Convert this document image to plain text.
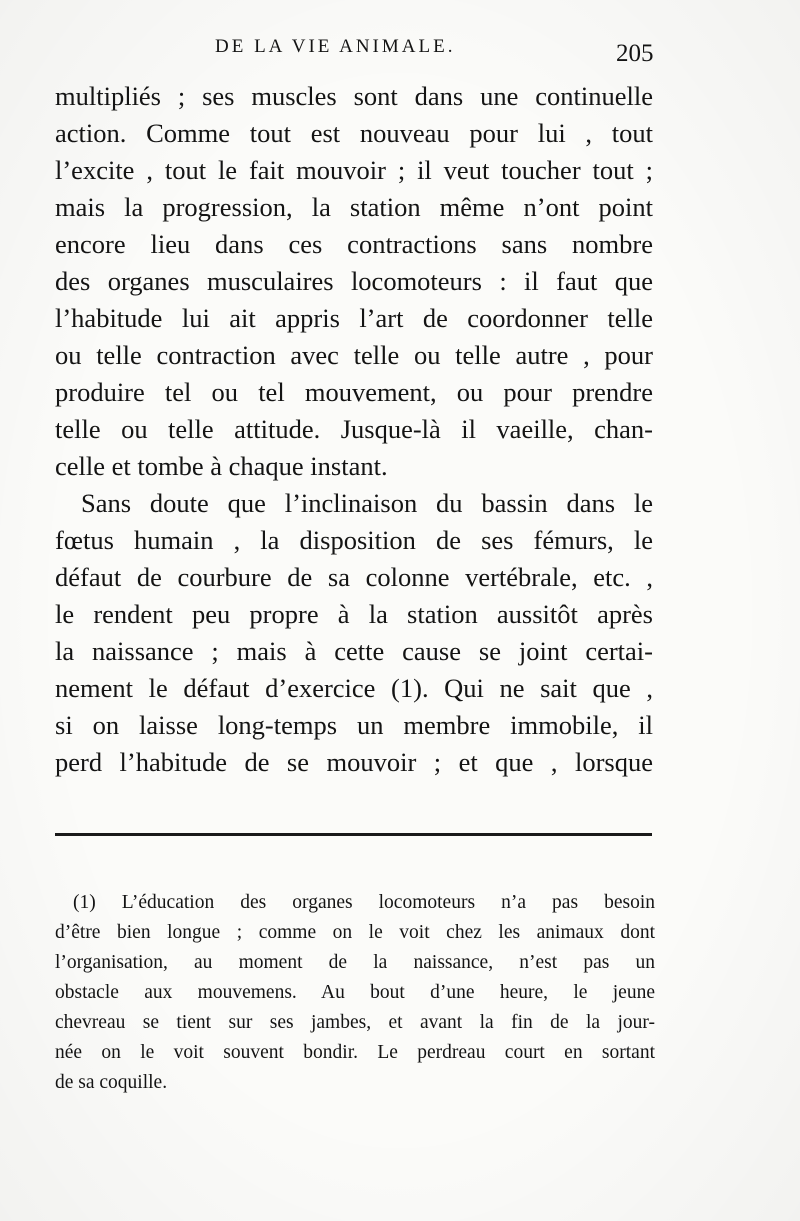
DE LA VIE ANIMALE.	205
multipliés ; ses muscles sont dans une continuelle
action. Comme tout est nouveau pour lui , tout
l’excite , tout le fait mouvoir ; il veut toucher tout ;
mais la progression, la station même n’ont point
encore lieu dans ces contractions sans nombre
des organes musculaires locomoteurs : il faut que
l’habitude lui ait appris l’art de coordonner telle
ou telle contraction avec telle ou telle autre , pour
produire tel ou tel mouvement, ou pour prendre
telle ou telle attitude. Jusque-là il vaeille, chan-
celle et tombe à chaque instant.
Sans doute que l’inclinaison du bassin dans le
fœtus humain , la disposition de ses fémurs, le
défaut de courbure de sa colonne vertébrale, etc. ,
le rendent peu propre à la station aussitôt après
la naissance ; mais à cette cause se joint certai-
nement le défaut d’exercice (1). Qui ne sait que ,
si on laisse long-temps un membre immobile, il
perd l’habitude de se mouvoir ; et que , lorsque
(1) L’éducation des organes locomoteurs n’a pas besoin
d’être bien longue ; comme on le voit chez les animaux dont
l’organisation, au moment de la naissance, n’est pas un
obstacle aux mouvemens. Au bout d’une heure, le jeune
chevreau se tient sur ses jambes, et avant la fin de la jour-
née on le voit souvent bondir. Le perdreau court en sortant
de sa coquille.
